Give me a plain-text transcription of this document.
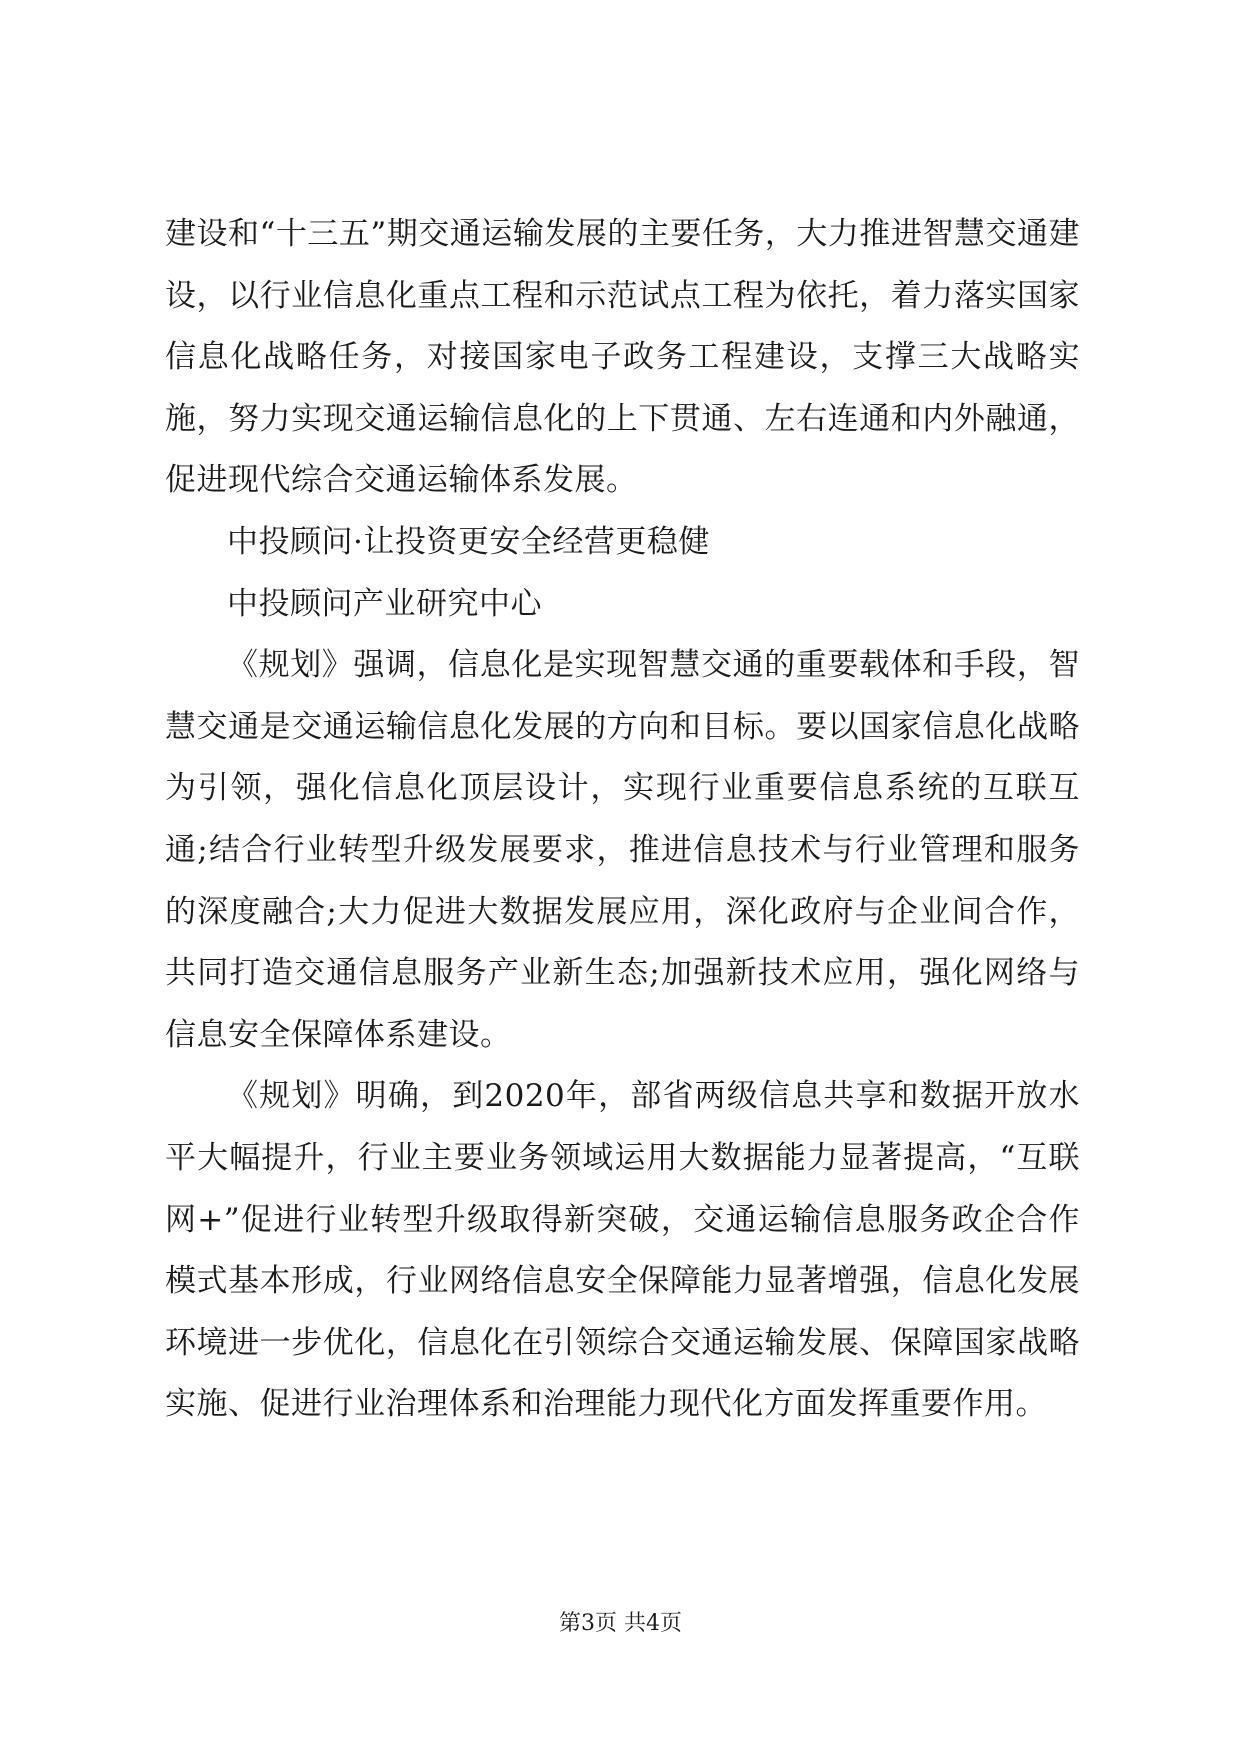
建设和“十三五”期交通运输发展的主要任务，大力推进智慧交通建设，以行业信息化重点工程和示范试点工程为依托，着力落实国家信息化战略任务，对接国家电子政务工程建设，支撑三大战略实施，努力实现交通运输信息化的上下贯通、左右连通和内外融通，促进现代综合交通运输体系发展。

中投顾问·让投资更安全经营更稳健

中投顾问产业研究中心

《规划》强调，信息化是实现智慧交通的重要载体和手段，智慧交通是交通运输信息化发展的方向和目标。要以国家信息化战略为引领，强化信息化顶层设计，实现行业重要信息系统的互联互通;结合行业转型升级发展要求，推进信息技术与行业管理和服务的深度融合;大力促进大数据发展应用，深化政府与企业间合作，共同打造交通信息服务产业新生态;加强新技术应用，强化网络与信息安全保障体系建设。

《规划》明确，到2020年，部省两级信息共享和数据开放水平大幅提升，行业主要业务领域运用大数据能力显著提高，“互联网+”促进行业转型升级取得新突破，交通运输信息服务政企合作模式基本形成，行业网络信息安全保障能力显著增强，信息化发展环境进一步优化，信息化在引领综合交通运输发展、保障国家战略实施、促进行业治理体系和治理能力现代化方面发挥重要作用。

第3页 共4页
